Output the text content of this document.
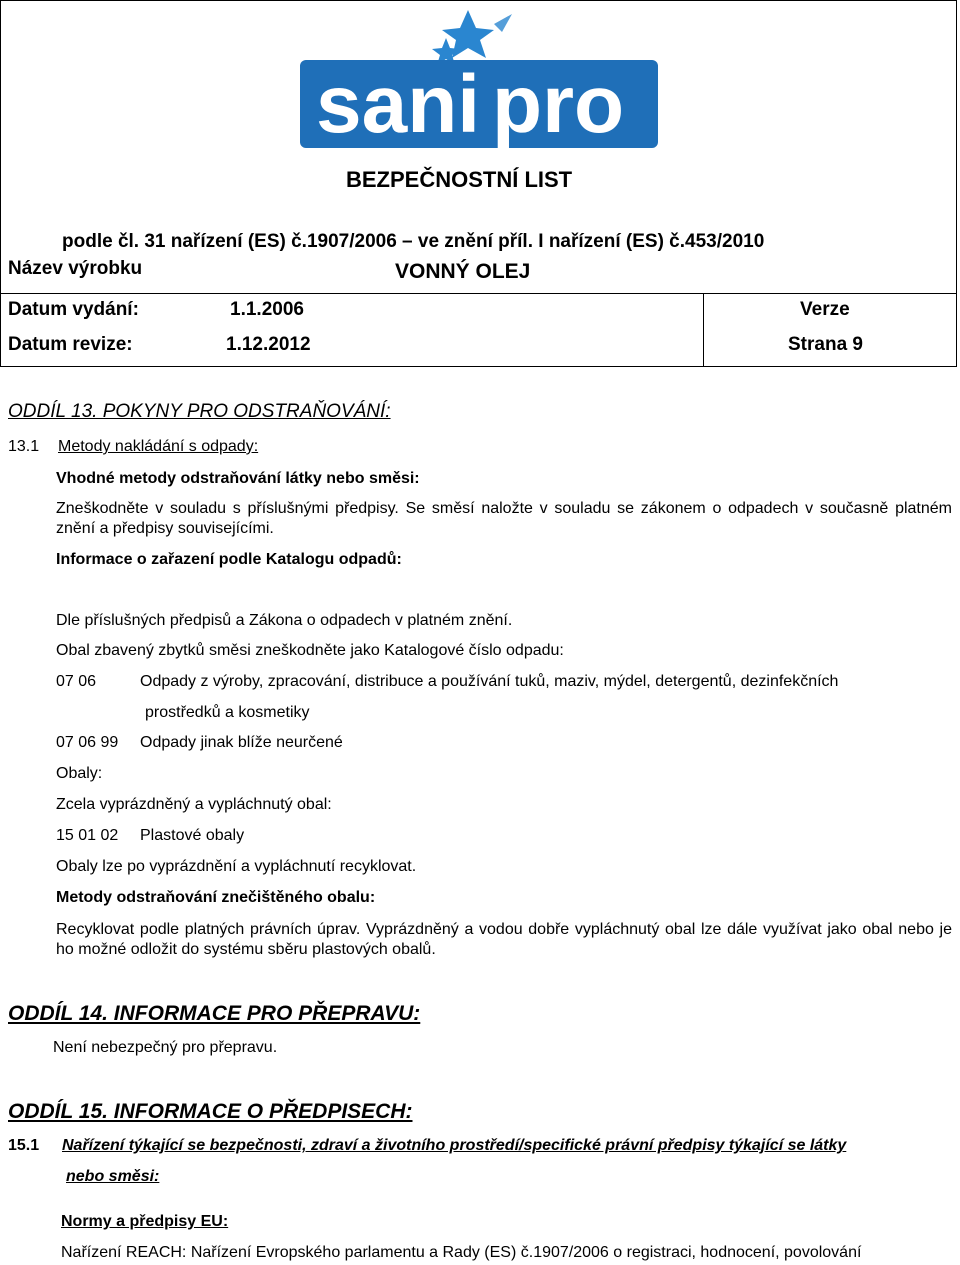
sani pro
BEZPEČNOSTNÍ LIST
podle čl. 31 nařízení (ES) č.1907/2006 – ve znění příl. I nařízení (ES) č.453/2010
Název výrobku	VONNÝ OLEJ
Datum vydání:	1.1.2006	Verze
Datum revize:	1.12.2012	Strana 9
ODDÍL 13. POKYNY PRO ODSTRAŇOVÁNÍ:
13.1 Metody nakládání s odpady:
Vhodné metody odstraňování látky nebo směsi:
Zneškodněte v souladu s příslušnými předpisy. Se směsí naložte v souladu se zákonem o odpadech v současně platném znění a předpisy souvisejícími.
Informace o zařazení podle Katalogu odpadů:
Dle příslušných předpisů a Zákona o odpadech v platném znění.
Obal zbavený zbytků směsi zneškodněte jako Katalogové číslo odpadu:
07 06	Odpady z výroby, zpracování, distribuce a používání tuků, maziv, mýdel, detergentů, dezinfekčních
prostředků a kosmetiky
07 06 99 Odpady jinak blíže neurčené
Obaly:
Zcela vyprázdněný a vypláchnutý obal:
15 01 02 Plastové obaly
Obaly lze po vyprázdnění a vypláchnutí recyklovat.
Metody odstraňování znečištěného obalu:
Recyklovat podle platných právních úprav. Vyprázdněný a vodou dobře vypláchnutý obal lze dále využívat jako obal nebo je ho možné odložit do systému sběru plastových obalů.
ODDÍL 14. INFORMACE PRO PŘEPRAVU:
Není nebezpečný pro přepravu.
ODDÍL 15. INFORMACE O PŘEDPISECH:
15.1 Nařízení týkající se bezpečnosti, zdraví a životního prostředí/specifické právní předpisy týkající se látky
nebo směsi:
Normy a předpisy EU:
Nařízení REACH: Nařízení Evropského parlamentu a Rady (ES) č.1907/2006 o registraci, hodnocení, povolování
